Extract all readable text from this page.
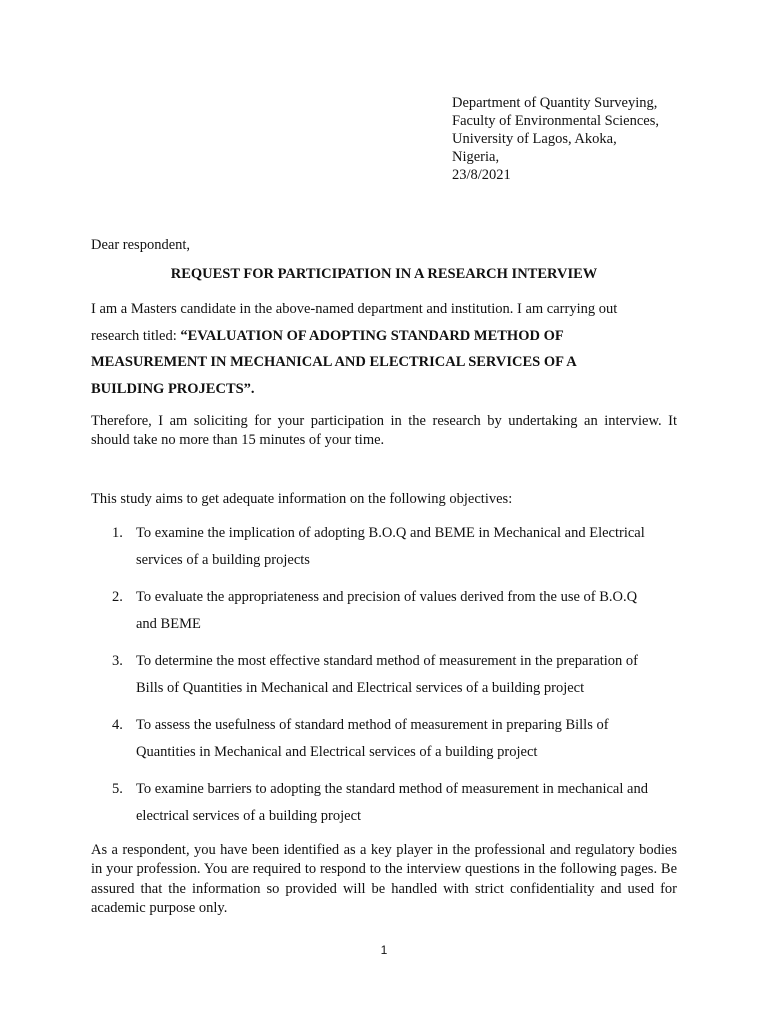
Department of Quantity Surveying,
Faculty of Environmental Sciences,
University of Lagos, Akoka,
Nigeria,
23/8/2021
Dear respondent,
REQUEST FOR PARTICIPATION IN A RESEARCH INTERVIEW
I am a Masters candidate in the above-named department and institution. I am carrying out
research titled: “EVALUATION OF ADOPTING STANDARD METHOD OF
MEASUREMENT IN MECHANICAL AND ELECTRICAL SERVICES OF A
BUILDING PROJECTS”.
Therefore, I am soliciting for your participation in the research by undertaking an interview. It should take no more than 15 minutes of your time.
This study aims to get adequate information on the following objectives:
1. To examine the implication of adopting B.O.Q and BEME in Mechanical and Electrical
services of a building projects
2. To evaluate the appropriateness and precision of values derived from the use of B.O.Q
and BEME
3. To determine the most effective standard method of measurement in the preparation of
Bills of Quantities in Mechanical and Electrical services of a building project
4. To assess the usefulness of standard method of measurement in preparing Bills of
Quantities in Mechanical and Electrical services of a building project
5. To examine barriers to adopting the standard method of measurement in mechanical and
electrical services of a building project
As a respondent, you have been identified as a key player in the professional and regulatory bodies in your profession. You are required to respond to the interview questions in the following pages. Be assured that the information so provided will be handled with strict confidentiality and used for academic purpose only.
1
